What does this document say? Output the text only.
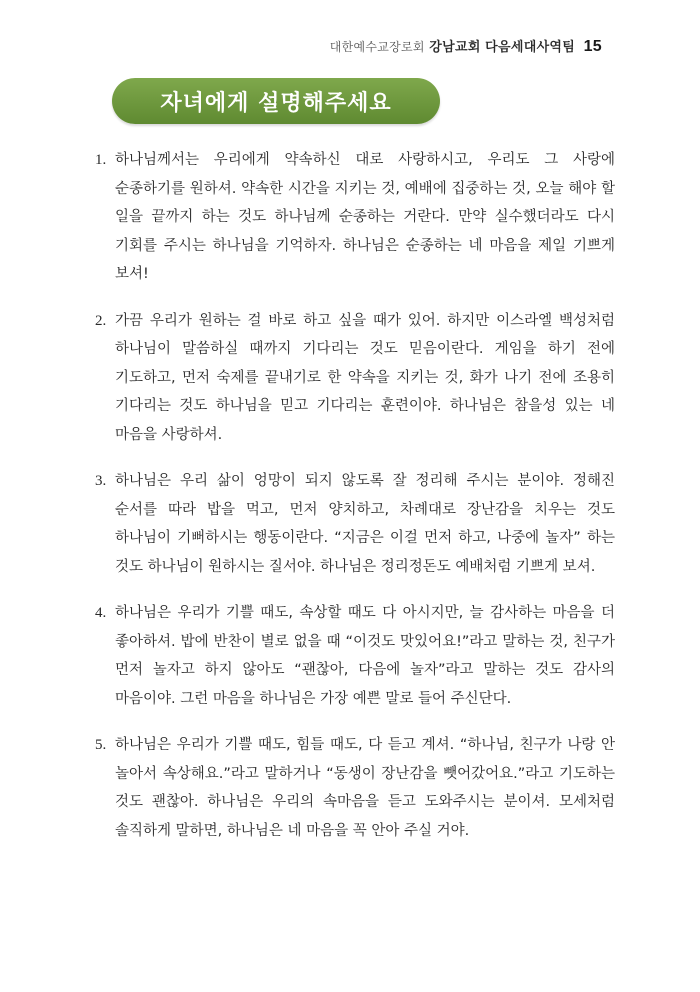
대한예수교장로회 강남교회 다음세대사역팀 15
자녀에게 설명해주세요
1. 하나님께서는 우리에게 약속하신 대로 사랑하시고, 우리도 그 사랑에 순종하기를 원하셔. 약속한 시간을 지키는 것, 예배에 집중하는 것, 오늘 해야 할 일을 끝까지 하는 것도 하나님께 순종하는 거란다. 만약 실수했더라도 다시 기회를 주시는 하나님을 기억하자. 하나님은 순종하는 네 마음을 제일 기쁘게 보셔!
2. 가끔 우리가 원하는 걸 바로 하고 싶을 때가 있어. 하지만 이스라엘 백성처럼 하나님이 말씀하실 때까지 기다리는 것도 믿음이란다. 게임을 하기 전에 기도하고, 먼저 숙제를 끝내기로 한 약속을 지키는 것, 화가 나기 전에 조용히 기다리는 것도 하나님을 믿고 기다리는 훈련이야. 하나님은 참을성 있는 네 마음을 사랑하셔.
3. 하나님은 우리 삶이 엉망이 되지 않도록 잘 정리해 주시는 분이야. 정해진 순서를 따라 밥을 먹고, 먼저 양치하고, 차례대로 장난감을 치우는 것도 하나님이 기뻐하시는 행동이란다. “지금은 이걸 먼저 하고, 나중에 놀자” 하는 것도 하나님이 원하시는 질서야. 하나님은 정리정돈도 예배처럼 기쁘게 보셔.
4. 하나님은 우리가 기쁠 때도, 속상할 때도 다 아시지만, 늘 감사하는 마음을 더 좋아하셔. 밥에 반찬이 별로 없을 때 “이것도 맛있어요!”라고 말하는 것, 친구가 먼저 놀자고 하지 않아도 “괜찮아, 다음에 놀자”라고 말하는 것도 감사의 마음이야. 그런 마음을 하나님은 가장 예쁜 말로 들어 주신단다.
5. 하나님은 우리가 기쁠 때도, 힘들 때도, 다 듣고 계셔. “하나님, 친구가 나랑 안 놀아서 속상해요.”라고 말하거나 “동생이 장난감을 뺏어갔어요.”라고 기도하는 것도 괜찮아. 하나님은 우리의 속마음을 듣고 도와주시는 분이셔. 모세처럼 솔직하게 말하면, 하나님은 네 마음을 꼭 안아 주실 거야.
